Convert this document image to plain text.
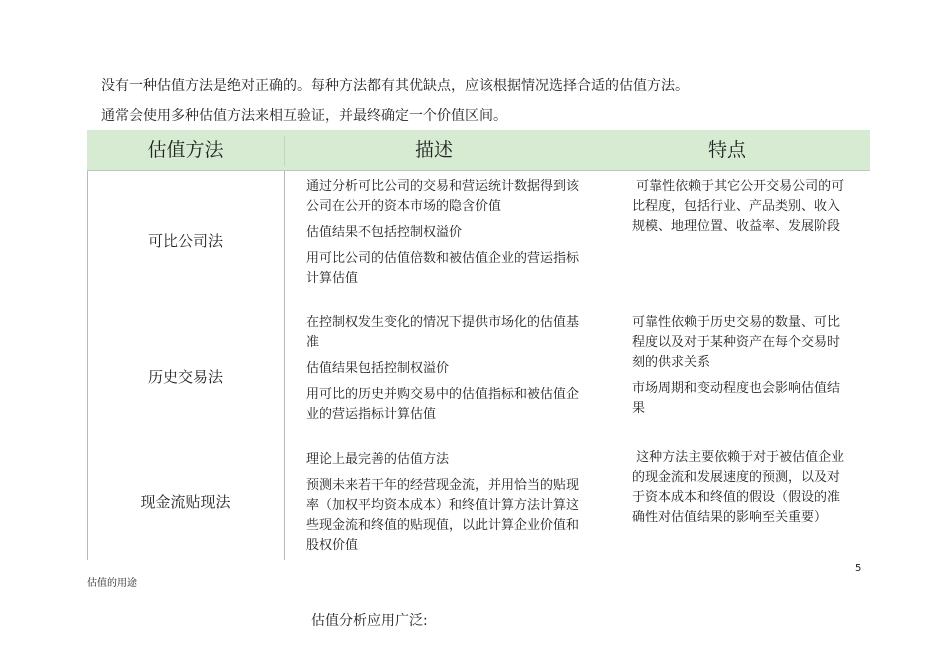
没有一种估值方法是绝对正确的。每种方法都有其优缺点，应该根据情况选择合适的估值方法。
通常会使用多种估值方法来相互验证，并最终确定一个价值区间。
估值方法	描述	特点
可比公司法

通过分析可比公司的交易和营运统计数据得到该公司在公开的资本市场的隐含价值

估值结果不包括控制权溢价

用可比公司的估值倍数和被估值企业的营运指标计算估值

可靠性依赖于其它公开交易公司的可比程度，包括行业、产品类别、收入规模、地理位置、收益率、发展阶段

历史交易法

在控制权发生变化的情况下提供市场化的估值基准

估值结果包括控制权溢价

用可比的历史并购交易中的估值指标和被估值企业的营运指标计算估值

可靠性依赖于历史交易的数量、可比程度以及对于某种资产在每个交易时刻的供求关系

市场周期和变动程度也会影响估值结果

现金流贴现法

理论上最完善的估值方法

预测未来若干年的经营现金流，并用恰当的贴现率（加权平均资本成本）和终值计算方法计算这些现金流和终值的贴现值，以此计算企业价值和股权价值

这种方法主要依赖于对于被估值企业的现金流和发展速度的预测，以及对于资本成本和终值的假设（假设的准确性对估值结果的影响至关重要）

5
估值的用途
估值分析应用广泛:
